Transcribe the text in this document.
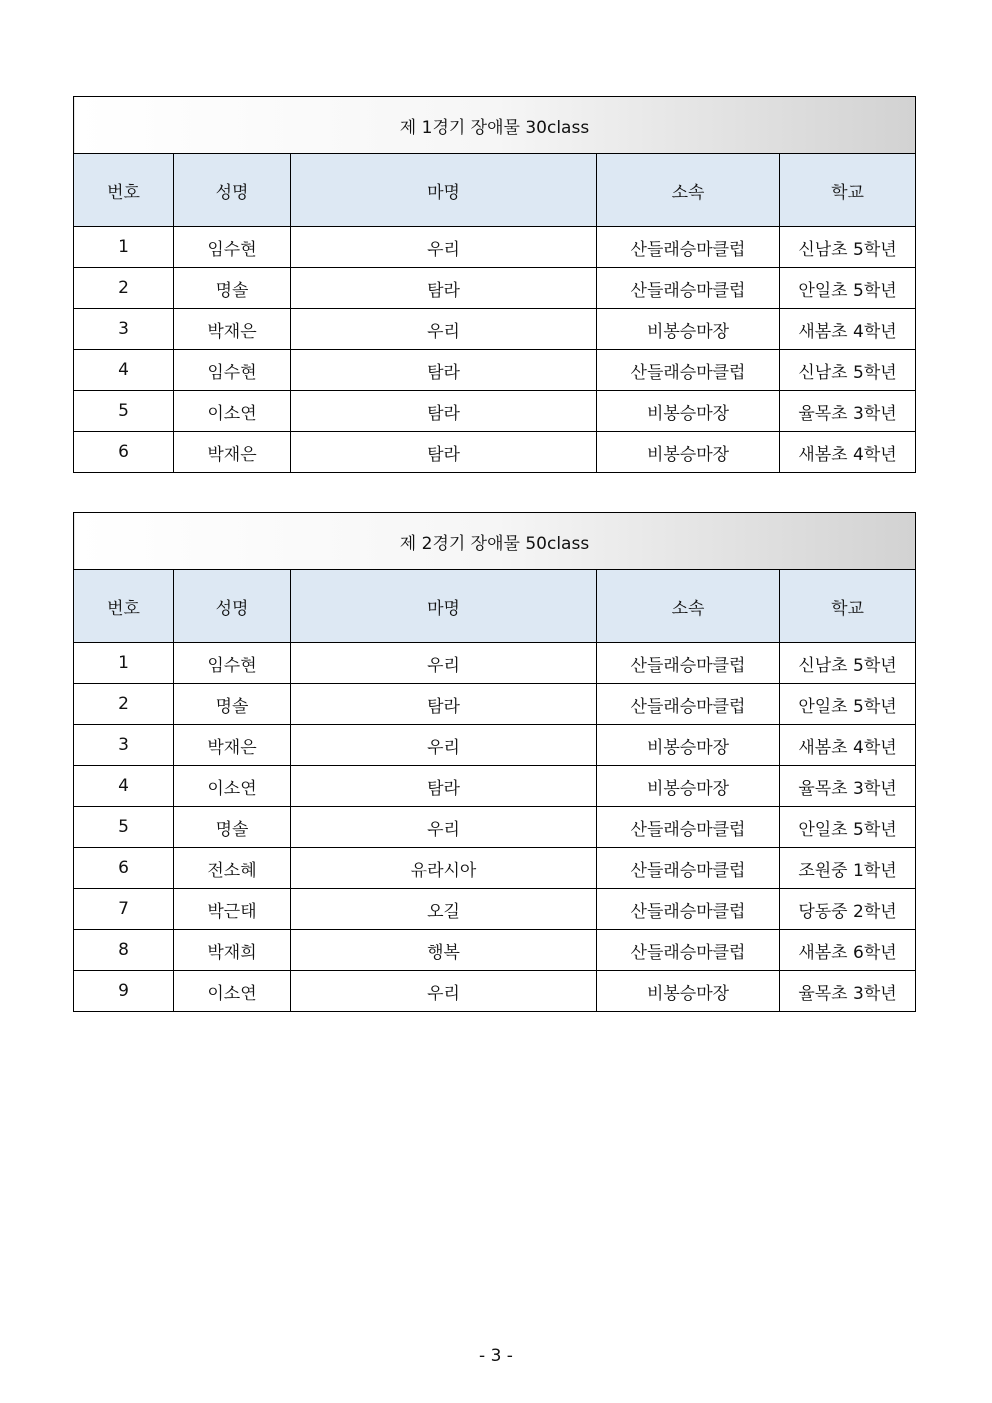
제 1경기 장애물 30class				
번호	성명	마명	소속	학교
1	임수현	우리	산들래승마클럽	신남초 5학년
2	명솔	탐라	산들래승마클럽	안일초 5학년
3	박재은	우리	비봉승마장	새봄초 4학년
4	임수현	탐라	산들래승마클럽	신남초 5학년
5	이소연	탐라	비봉승마장	율목초 3학년
6	박재은	탐라	비봉승마장	새봄초 4학년
제 2경기 장애물 50class				
번호	성명	마명	소속	학교
1	임수현	우리	산들래승마클럽	신남초 5학년
2	명솔	탐라	산들래승마클럽	안일초 5학년
3	박재은	우리	비봉승마장	새봄초 4학년
4	이소연	탐라	비봉승마장	율목초 3학년
5	명솔	우리	산들래승마클럽	안일초 5학년
6	전소혜	유라시아	산들래승마클럽	조원중 1학년
7	박근태	오길	산들래승마클럽	당동중 2학년
8	박재희	행복	산들래승마클럽	새봄초 6학년
9	이소연	우리	비봉승마장	율목초 3학년
- 3 -
